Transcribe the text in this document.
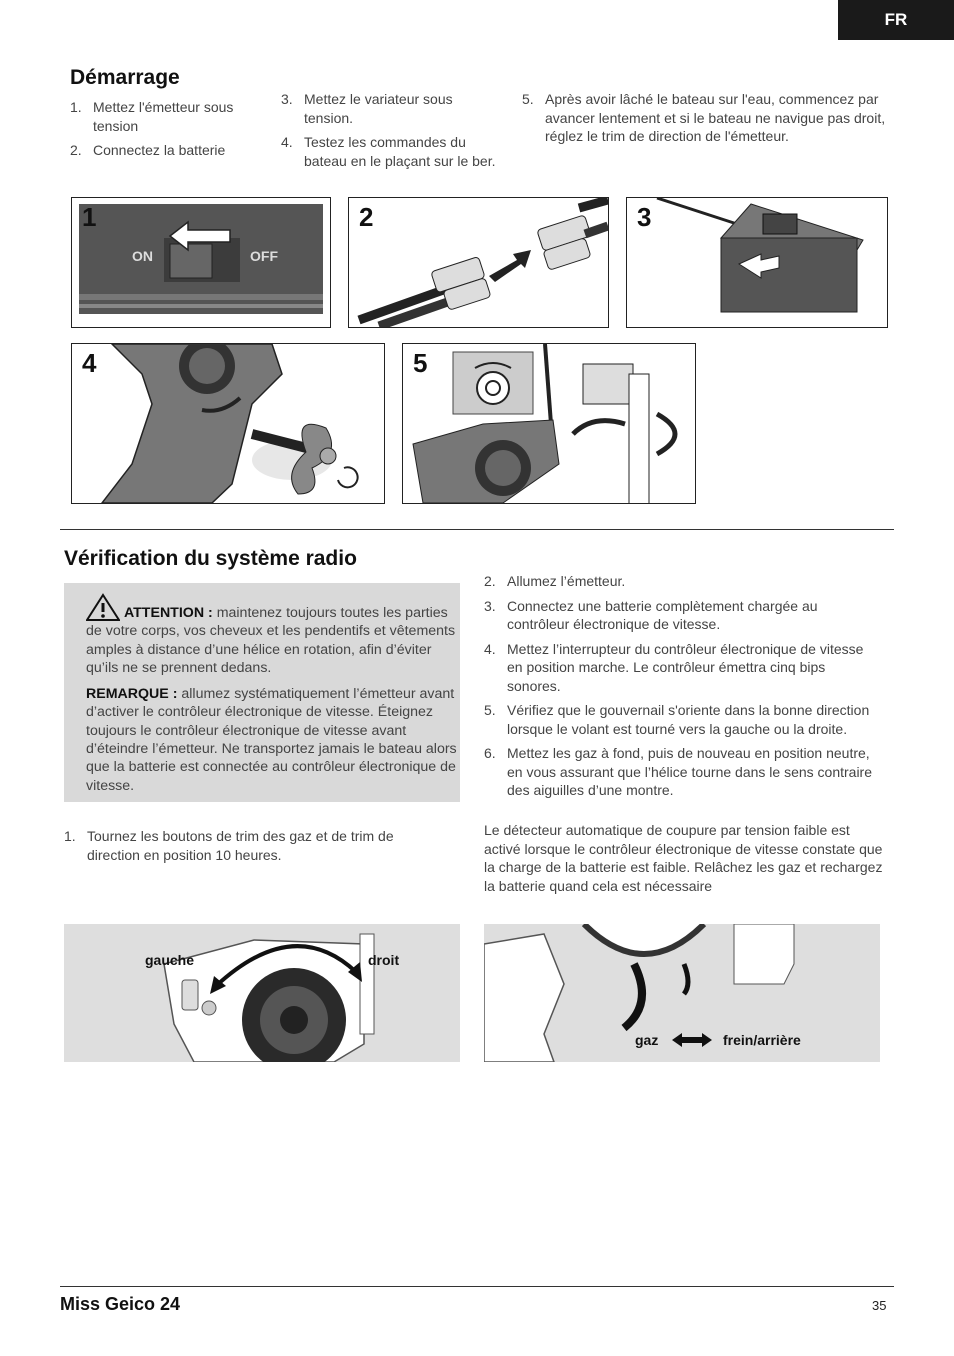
FR
Démarrage
1. Mettez l'émetteur sous tension
2. Connectez la batterie
3. Mettez le variateur sous tension.
4. Testez les commandes du bateau en le plaçant sur le ber.
5. Après avoir lâché le bateau sur l'eau, commencez par avancer lentement et si le bateau ne navigue pas droit, réglez le trim de direction de l'émetteur.
1
ON	OFF
2	3
4	5
Vérification du système radio

ATTENTION : maintenez toujours toutes les parties de votre corps, vos cheveux et les pendentifs et vêtements amples à distance d’une hélice en rotation, afin d’éviter qu’ils ne se prennent dedans.

REMARQUE : allumez systématiquement l’émetteur avant d’activer le contrôleur électronique de vitesse. Éteignez toujours le contrôleur électronique de vitesse avant d’éteindre l’émetteur. Ne transportez jamais le bateau alors que la batterie est connectée au contrôleur électronique de vitesse.

1. Tournez les boutons de trim des gaz et de trim de direction en position 10 heures.
2. Allumez l’émetteur.
3. Connectez une batterie complètement chargée au contrôleur électronique de vitesse.
4. Mettez l’interrupteur du contrôleur électronique de vitesse en position marche. Le contrôleur émettra cinq bips sonores.
5. Vérifiez que le gouvernail s'oriente dans la bonne direction lorsque le volant est tourné vers la gauche ou la droite.
6. Mettez les gaz à fond, puis de nouveau en position neutre, en vous assurant que l’hélice tourne dans le sens contraire des aiguilles d’une montre.

Le détecteur automatique de coupure par tension faible est activé lorsque le contrôleur électronique de vitesse constate que la charge de la batterie est faible. Relâchez les gaz et rechargez la batterie quand cela est nécessaire

gauche	droit
gaz	frein/arrière
Miss Geico 24	35
